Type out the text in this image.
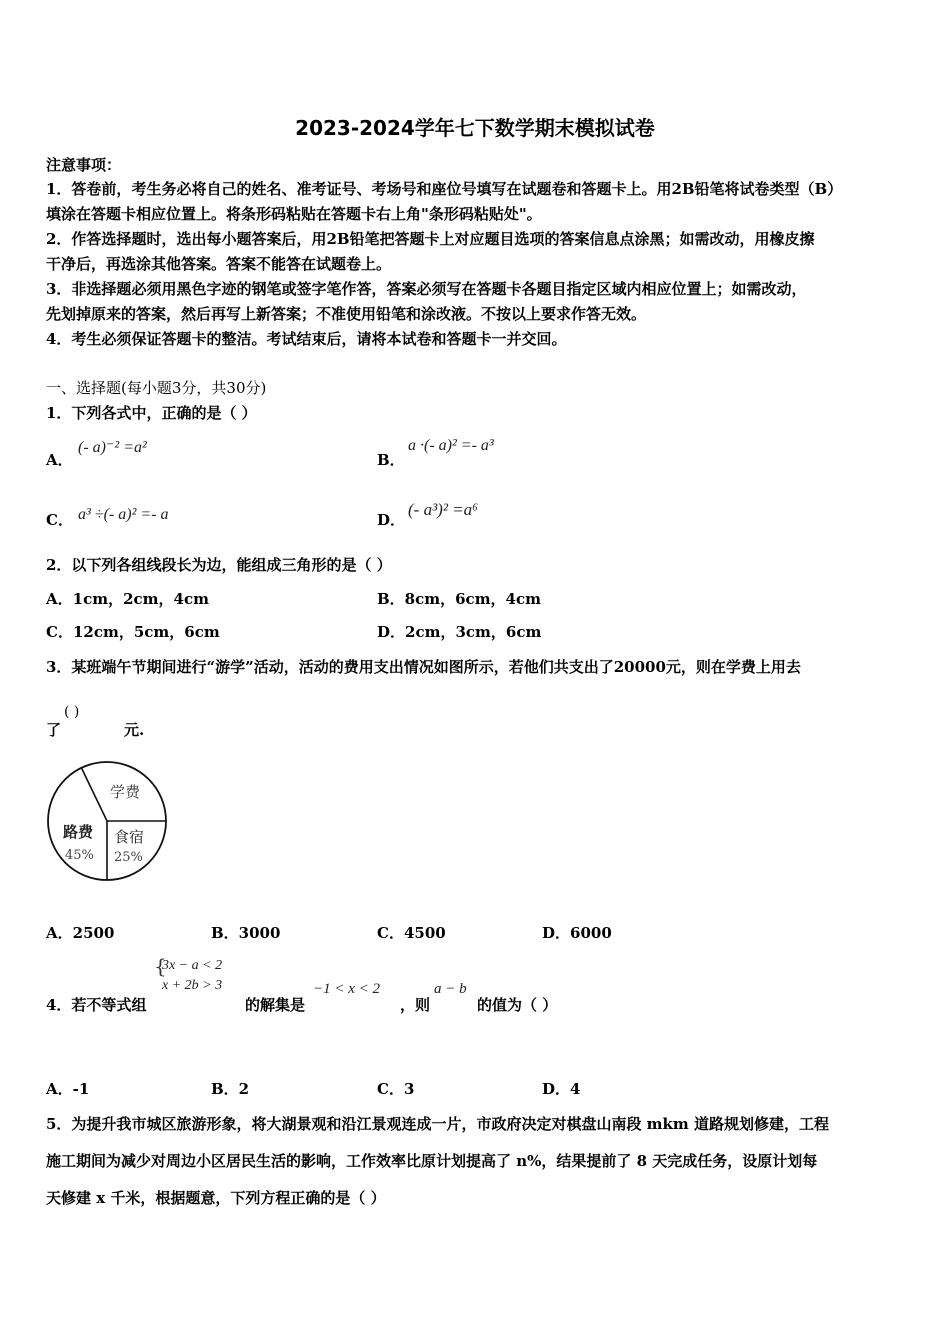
2023-2024学年七下数学期末模拟试卷
注意事项：
1．答卷前，考生务必将自己的姓名、准考证号、考场号和座位号填写在试题卷和答题卡上。用2B铅笔将试卷类型（B）
填涂在答题卡相应位置上。将条形码粘贴在答题卡右上角"条形码粘贴处"。
2．作答选择题时，选出每小题答案后，用2B铅笔把答题卡上对应题目选项的答案信息点涂黑；如需改动，用橡皮擦
干净后，再选涂其他答案。答案不能答在试题卷上。
3．非选择题必须用黑色字迹的钢笔或签字笔作答，答案必须写在答题卡各题目指定区域内相应位置上；如需改动，
先划掉原来的答案，然后再写上新答案；不准使用铅笔和涂改液。不按以上要求作答无效。
4．考生必须保证答题卡的整洁。考试结束后，请将本试卷和答题卡一并交回。
一、选择题(每小题3分，共30分)
1．下列各式中，正确的是（ ）
A．
(- a)⁻² =a²
B．
a ·(- a)² =- a³
C． a³ ÷(- a)² =- a	D．
(- a³)² =a⁶
2．以下列各组线段长为边，能组成三角形的是（ ）
A．1cm，2cm，4cm	B．8cm，6cm，4cm
C．12cm，5cm，6cm	D．2cm，3cm，6cm
3．某班端午节期间进行“游学”活动，活动的费用支出情况如图所示，若他们共支出了20000元，则在学费上用去
了
( )
元.
学费
路费
45%
食宿
25%
A．2500	B．3000	C．4500	D．6000
4．若不等式组
{
3x − a < 2
x + 2b > 3
的解集是
−1 < x < 2
，则
a − b
的值为（ ）
A．-1	B．2	C．3	D．4
5．为提升我市城区旅游形象，将大湖景观和沿江景观连成一片，市政府决定对棋盘山南段 mkm 道路规划修建，工程
施工期间为减少对周边小区居民生活的影响，工作效率比原计划提高了 n%，结果提前了 8 天完成任务，设原计划每
天修建 x 千米，根据题意，下列方程正确的是（ ）
